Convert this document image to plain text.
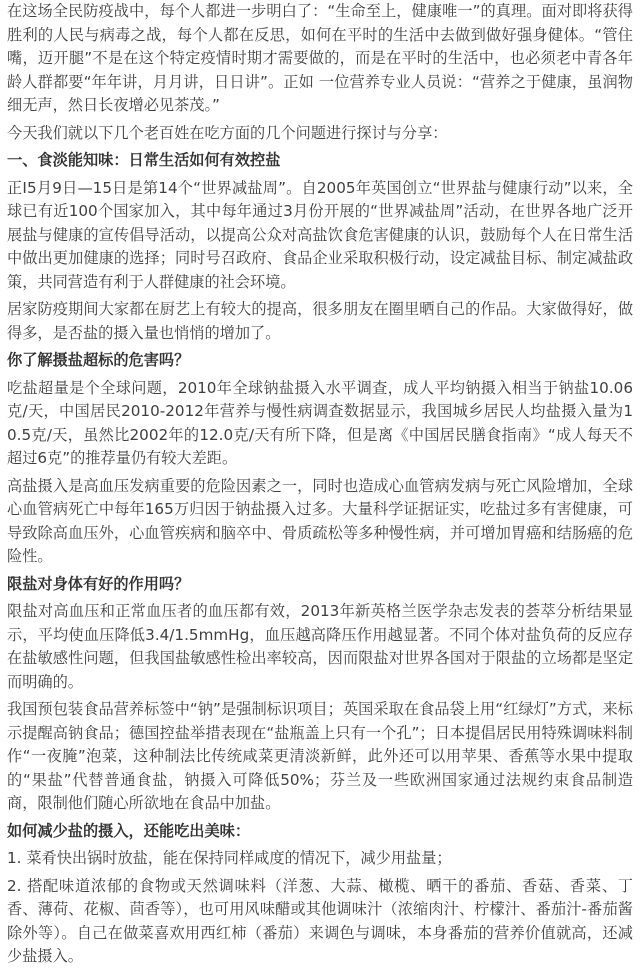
在这场全民防疫战中，每个人都进一步明白了：“生命至上，健康唯一”的真理。面对即将获得胜利的人民与病毒之战，每个人都在反思，如何在平时的生活中去做到做好强身健体。“管住嘴，迈开腿”不是在这个特定疫情时期才需要做的，而是在平时的生活中，也必须老中青各年龄人群都要“年年讲，月月讲，日日讲”。正如 一位营养专业人员说：“营养之于健康，虽润物细无声，然日长夜增必见茶茂。”

今天我们就以下几个老百姓在吃方面的几个问题进行探讨与分享：

一、食淡能知味：日常生活如何有效控盐

正Ⅰ5月9日—15日是第14个“世界减盐周”。自2005年英国创立“世界盐与健康行动”以来，全球已有近100个国家加入，其中每年通过3月份开展的“世界减盐周”活动，在世界各地广泛开展盐与健康的宣传倡导活动，以提高公众对高盐饮食危害健康的认识，鼓励每个人在日常生活中做出更加健康的选择；同时号召政府、食品企业采取积极行动，设定减盐目标、制定减盐政策，共同营造有利于人群健康的社会环境。

居家防疫期间大家都在厨艺上有较大的提高，很多朋友在圈里晒自己的作品。大家做得好，做得多，是否盐的摄入量也悄悄的增加了。

你了解摄盐超标的危害吗？

吃盐超量是个全球问题，2010年全球钠盐摄入水平调查，成人平均钠摄入相当于钠盐10.06克/天，中国居民2010-2012年营养与慢性病调查数据显示，我国城乡居民人均盐摄入量为10.5克/天，虽然比2002年的12.0克/天有所下降，但是离《中国居民膳食指南》“成人每天不超过6克”的推荐量仍有较大差距。

高盐摄入是高血压发病重要的危险因素之一，同时也造成心血管病发病与死亡风险增加，全球心血管病死亡中每年165万归因于钠盐摄入过多。大量科学证据证实，吃盐过多有害健康，可导致除高血压外，心血管疾病和脑卒中、骨质疏松等多种慢性病，并可增加胃癌和结肠癌的危险性。

限盐对身体有好的作用吗？

限盐对高血压和正常血压者的血压都有效，2013年新英格兰医学杂志发表的荟萃分析结果显示，平均使血压降低3.4/1.5mmHg，血压越高降压作用越显著。不同个体对盐负荷的反应存在盐敏感性问题，但我国盐敏感性检出率较高，因而限盐对世界各国对于限盐的立场都是坚定而明确的。

我国预包装食品营养标签中“钠”是强制标识项目；英国采取在食品袋上用“红绿灯”方式，来标示提醒高钠食品；德国控盐举措表现在“盐瓶盖上只有一个孔”；日本提倡居民用特殊调味料制作“一夜腌”泡菜，这种制法比传统咸菜更清淡新鲜，此外还可以用苹果、香蕉等水果中提取的“果盐”代替普通食盐，钠摄入可降低50%；芬兰及一些欧洲国家通过法规约束食品制造商，限制他们随心所欲地在食品中加盐。

如何减少盐的摄入，还能吃出美味：

1. 菜肴快出锅时放盐，能在保持同样咸度的情况下，减少用盐量；

2. 搭配味道浓郁的食物或天然调味料（洋葱、大蒜、橄榄、晒干的番茄、香菇、香菜、丁香、薄荷、花椒、茴香等），也可用风味醋或其他调味汁（浓缩肉汁、柠檬汁、番茄汁-番茄酱除外等）。自己在做菜喜欢用西红柿（番茄）来调色与调味，本身番茄的营养价值就高，还减少盐摄入。
